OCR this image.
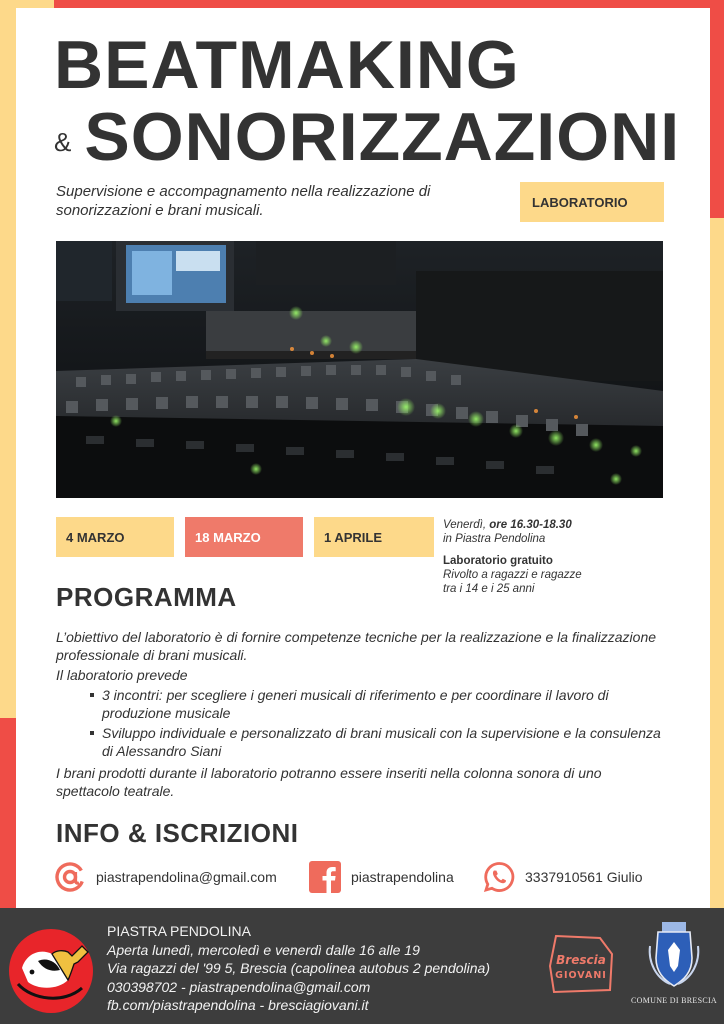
BEATMAKING
& SONORIZZAZIONI
Supervisione e accompagnamento nella realizzazione di sonorizzazioni e brani musicali.	LABORATORIO
4 MARZO	18 MARZO	1 APRILE
Venerdì, ore 16.30-18.30
in Piastra Pendolina
Laboratorio gratuito
Rivolto a ragazzi e ragazze
tra i 14 e i 25 anni
PROGRAMMA

L’obiettivo del laboratorio è di fornire competenze tecniche per la realizzazione e la finalizzazione professionale di brani musicali.

Il laboratorio prevede

3 incontri: per scegliere i generi musicali di riferimento e per coordinare il lavoro di produzione musicale
Sviluppo individuale e personalizzato di brani musicali con la supervisione e la consulenza di Alessandro Siani

I brani prodotti durante il laboratorio potranno essere inseriti nella colonna sonora di uno spettacolo teatrale.

INFO & ISCRIZIONI
piastrapendolina@gmail.com	piastrapendolina	3337910561 Giulio
PIASTRA PENDOLINA
Aperta lunedì, mercoledì e venerdì dalle 16 alle 19
Via ragazzi del '99 5, Brescia (capolinea autobus 2 pendolina)
030398702 - piastrapendolina@gmail.com
fb.com/piastrapendolina - bresciagiovani.it
Brescia
GIOVANI
COMUNE DI BRESCIA
